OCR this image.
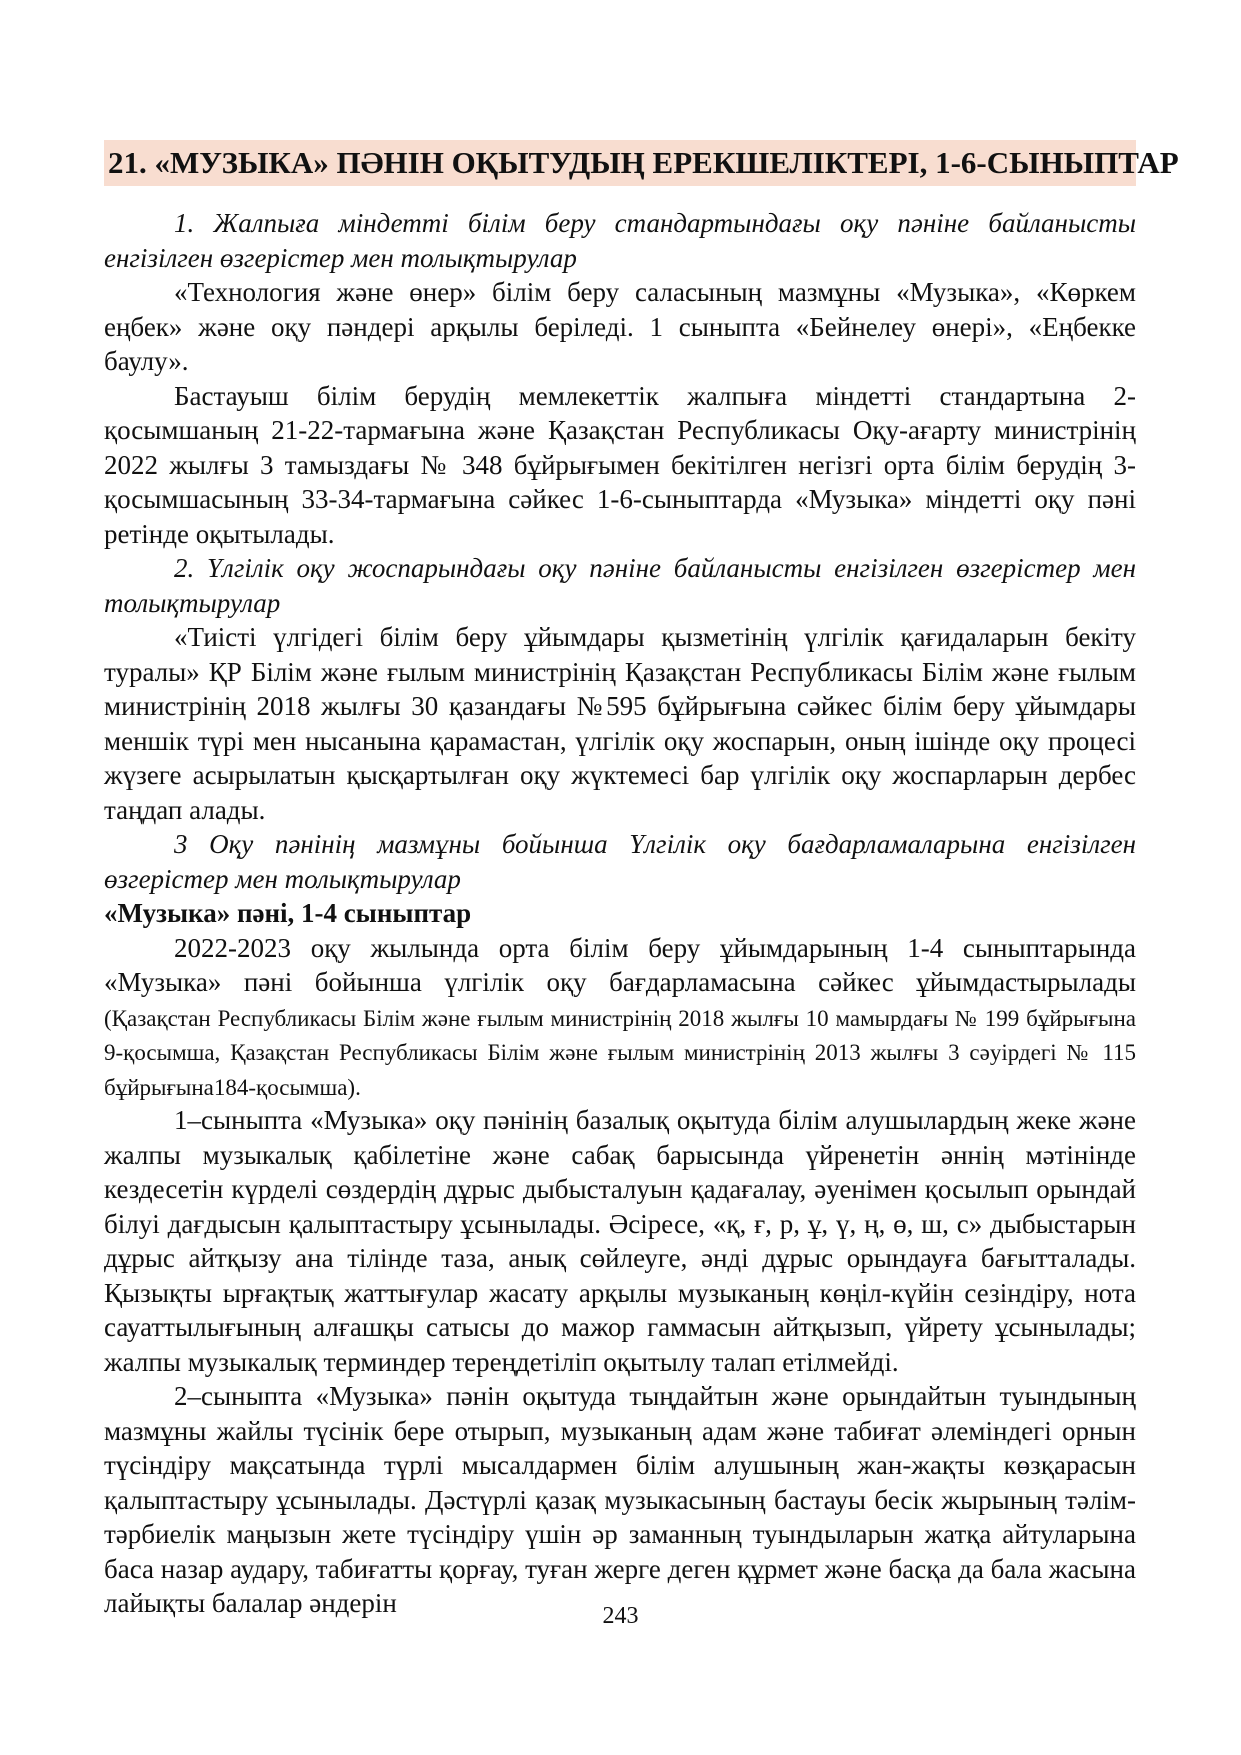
21. «МУЗЫКА» ПӘНІН ОҚЫТУДЫҢ ЕРЕКШЕЛІКТЕРІ, 1-6-СЫНЫПТАР

1. Жалпыға міндетті білім беру стандартындағы оқу пәніне байланысты енгізілген өзгерістер мен толықтырулар

«Технология және өнер» білім беру саласының мазмұны «Музыка», «Көркем еңбек» және оқу пәндері арқылы беріледі. 1 сыныпта «Бейнелеу өнері», «Еңбекке баулу».

Бастауыш білім берудің мемлекеттік жалпыға міндетті стандартына 2-қосымшаның 21-22-тармағына және Қазақстан Республикасы Оқу-ағарту министрінің 2022 жылғы 3 тамыздағы № 348 бұйрығымен бекітілген негізгі орта білім берудің 3-қосымшасының 33-34-тармағына сәйкес 1-6-сыныптарда «Музыка» міндетті оқу пәні ретінде оқытылады.

2. Үлгілік оқу жоспарындағы оқу пәніне байланысты енгізілген өзгерістер мен толықтырулар

«Тиісті үлгідегі білім беру ұйымдары қызметінің үлгілік қағидаларын бекіту туралы» ҚР Білім және ғылым министрінің Қазақстан Республикасы Білім және ғылым министрінің 2018 жылғы 30 қазандағы №595 бұйрығына сәйкес білім беру ұйымдары меншік түрі мен нысанына қарамастан, үлгілік оқу жоспарын, оның ішінде оқу процесі жүзеге асырылатын қысқартылған оқу жүктемесі бар үлгілік оқу жоспарларын дербес таңдап алады.

3 Оқу пәнінің мазмұны бойынша Үлгілік оқу бағдарламаларына енгізілген өзгерістер мен толықтырулар

«Музыка» пәні, 1-4 сыныптар

2022-2023 оқу жылында орта білім беру ұйымдарының 1-4 сыныптарында «Музыка» пәні бойынша үлгілік оқу бағдарламасына сәйкес ұйымдастырылады (Қазақстан Республикасы Білім және ғылым министрінің 2018 жылғы 10 мамырдағы № 199 бұйрығына 9-қосымша, Қазақстан Республикасы Білім және ғылым министрінің 2013 жылғы 3 сәуірдегі № 115 бұйрығына184-қосымша).

1–сыныпта «Музыка» оқу пәнінің базалық оқытуда білім алушылардың жеке және жалпы музыкалық қабілетіне және сабақ барысында үйренетін әннің мәтінінде кездесетін күрделі сөздердің дұрыс дыбысталуын қадағалау, әуенімен қосылып орындай білуі дағдысын қалыптастыру ұсынылады. Әсіресе, «қ, ғ, р, ұ, ү, ң, ө, ш, с» дыбыстарын дұрыс айтқызу ана тілінде таза, анық сөйлеуге, әнді дұрыс орындауға бағытталады. Қызықты ырғақтық жаттығулар жасату арқылы музыканың көңіл-күйін сезіндіру, нота сауаттылығының алғашқы сатысы до мажор гаммасын айтқызып, үйрету ұсынылады; жалпы музыкалық терминдер тереңдетіліп оқытылу талап етілмейді.

2–сыныпта «Музыка» пәнін оқытуда тыңдайтын және орындайтын туындының мазмұны жайлы түсінік бере отырып, музыканың адам және табиғат әлеміндегі орнын түсіндіру мақсатында түрлі мысалдармен білім алушының жан-жақты көзқарасын қалыптастыру ұсынылады. Дәстүрлі қазақ музыкасының бастауы бесік жырының тәлім-тәрбиелік маңызын жете түсіндіру үшін әр заманның туындыларын жатқа айтуларына баса назар аудару, табиғатты қорғау, туған жерге деген құрмет және басқа да бала жасына лайықты балалар әндерін	243
